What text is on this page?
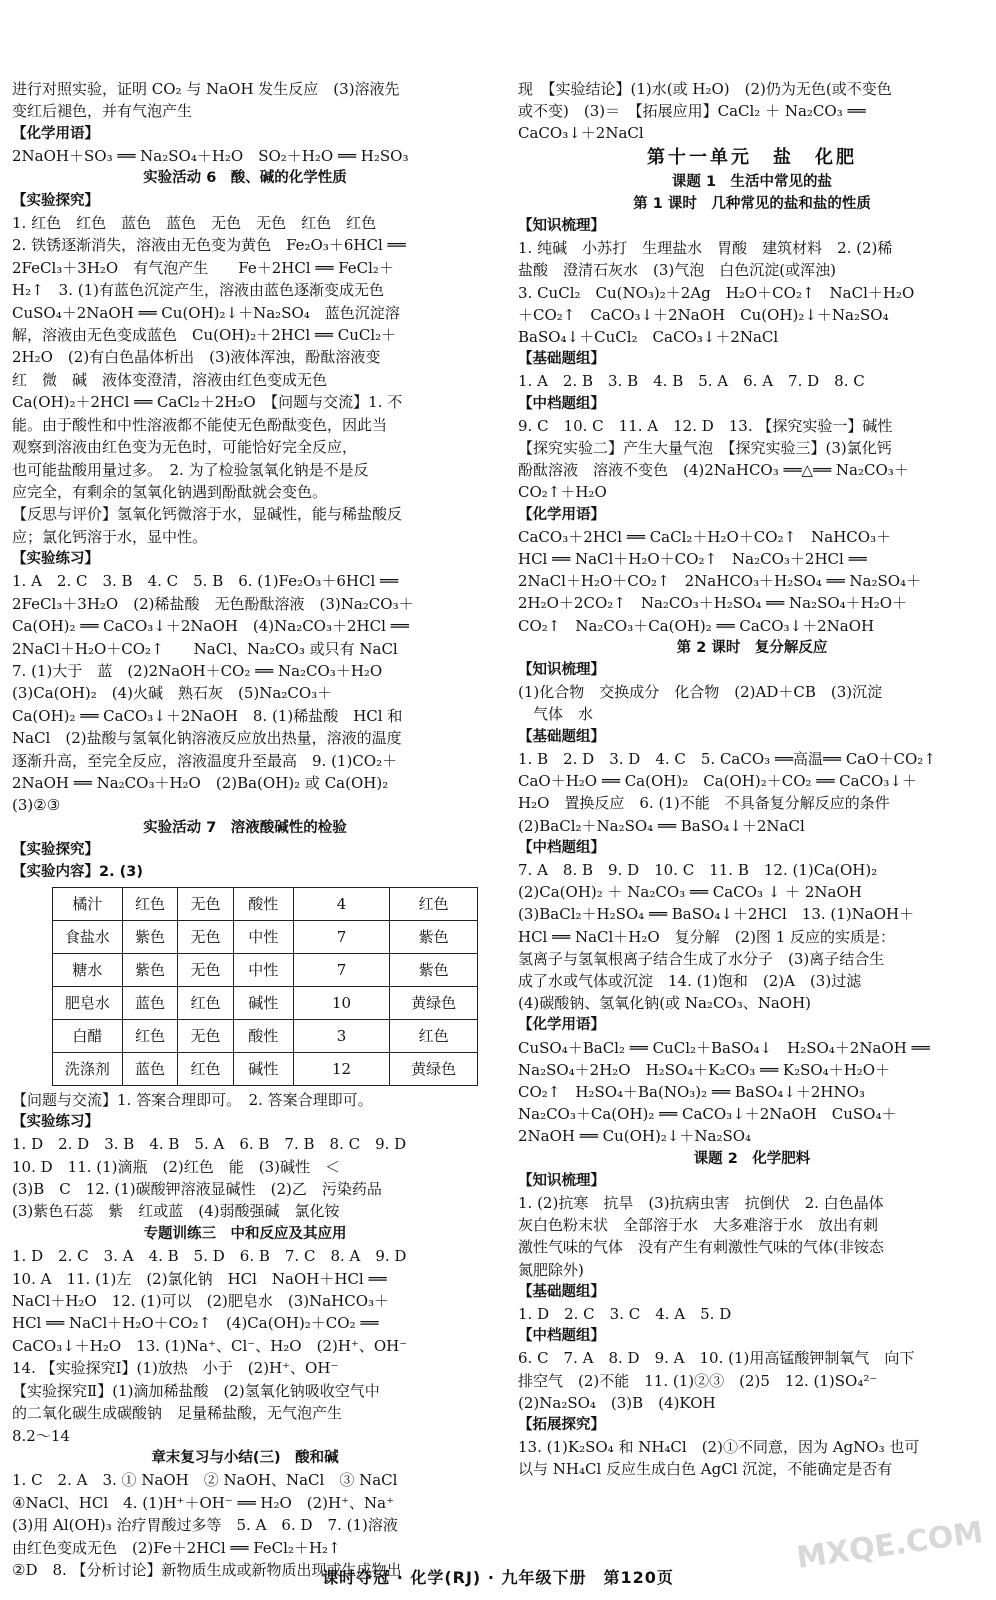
进行对照实验，证明 CO₂ 与 NaOH 发生反应　(3)溶液先
变红后褪色，并有气泡产生
【化学用语】
2NaOH＋SO₃ ══ Na₂SO₄＋H₂O　SO₂＋H₂O ══ H₂SO₃
实验活动 6　酸、碱的化学性质
【实验探究】
1. 红色　红色　蓝色　蓝色　无色　无色　红色　红色
2. 铁锈逐渐消失，溶液由无色变为黄色　Fe₂O₃＋6HCl ══
2FeCl₃＋3H₂O　有气泡产生　　Fe＋2HCl ══ FeCl₂＋
H₂↑　3. (1)有蓝色沉淀产生，溶液由蓝色逐渐变成无色
CuSO₄＋2NaOH ══ Cu(OH)₂↓＋Na₂SO₄　蓝色沉淀溶
解，溶液由无色变成蓝色　Cu(OH)₂＋2HCl ══ CuCl₂＋
2H₂O　(2)有白色晶体析出　(3)液体浑浊，酚酞溶液变
红　微　碱　液体变澄清，溶液由红色变成无色
Ca(OH)₂＋2HCl ══ CaCl₂＋2H₂O　【问题与交流】1. 不
能。由于酸性和中性溶液都不能使无色酚酞变色，因此当
观察到溶液由红色变为无色时，可能恰好完全反应，
也可能盐酸用量过多。　2. 为了检验氢氧化钠是不是反
应完全，有剩余的氢氧化钠遇到酚酞就会变色。
【反思与评价】氢氧化钙微溶于水，显碱性，能与稀盐酸反
应；氯化钙溶于水，显中性。
【实验练习】
1. A　2. C　3. B　4. C　5. B　6. (1)Fe₂O₃＋6HCl ══
2FeCl₃＋3H₂O　(2)稀盐酸　无色酚酞溶液　(3)Na₂CO₃＋
Ca(OH)₂ ══ CaCO₃↓＋2NaOH　(4)Na₂CO₃＋2HCl ══
2NaCl＋H₂O＋CO₂↑　　NaCl、Na₂CO₃ 或只有 NaCl
7. (1)大于　蓝　(2)2NaOH＋CO₂ ══ Na₂CO₃＋H₂O
(3)Ca(OH)₂　(4)火碱　熟石灰　(5)Na₂CO₃＋
Ca(OH)₂ ══ CaCO₃↓＋2NaOH　8. (1)稀盐酸　HCl 和
NaCl　(2)盐酸与氢氧化钠溶液反应放出热量，溶液的温度
逐渐升高，至完全反应，溶液温度升至最高　9. (1)CO₂＋
2NaOH ══ Na₂CO₃＋H₂O　(2)Ba(OH)₂ 或 Ca(OH)₂
(3)②③
实验活动 7　溶液酸碱性的检验
【实验探究】
【实验内容】2. (3)
橘汁	红色	无色	酸性	4	红色
食盐水	紫色	无色	中性	7	紫色
糖水	紫色	无色	中性	7	紫色
肥皂水	蓝色	红色	碱性	10	黄绿色
白醋	红色	无色	酸性	3	红色
洗涤剂	蓝色	红色	碱性	12	黄绿色
【问题与交流】1. 答案合理即可。　2. 答案合理即可。
【实验练习】
1. D　2. D　3. B　4. B　5. A　6. B　7. B　8. C　9. D
10. D　11. (1)滴瓶　(2)红色　能　(3)碱性　＜
(3)B　C　12. (1)碳酸钾溶液显碱性　(2)乙　污染药品
(3)紫色石蕊　紫　红或蓝　(4)弱酸强碱　氯化铵
专题训练三　中和反应及其应用
1. D　2. C　3. A　4. B　5. D　6. B　7. C　8. A　9. D
10. A　11. (1)左　(2)氯化钠　HCl　NaOH＋HCl ══
NaCl＋H₂O　12. (1)可以　(2)肥皂水　(3)NaHCO₃＋
HCl ══ NaCl＋H₂O＋CO₂↑　(4)Ca(OH)₂＋CO₂ ══
CaCO₃↓＋H₂O　13. (1)Na⁺、Cl⁻、H₂O　(2)H⁺、OH⁻
14. 【实验探究Ⅰ】(1)放热　小于　(2)H⁺、OH⁻
【实验探究Ⅱ】(1)滴加稀盐酸　(2)氢氧化钠吸收空气中
的二氧化碳生成碳酸钠　足量稀盐酸，无气泡产生
8.2～14
章末复习与小结(三)　酸和碱
1. C　2. A　3. ① NaOH　② NaOH、NaCl　③ NaCl
④NaCl、HCl　4. (1)H⁺＋OH⁻ ══ H₂O　(2)H⁺、Na⁺
(3)用 Al(OH)₃ 治疗胃酸过多等　5. A　6. D　7. (1)溶液
由红色变成无色　(2)Fe＋2HCl ══ FeCl₂＋H₂↑
②D　8. 【分析讨论】新物质生成或新物质出现或生成物出
现　【实验结论】(1)水(或 H₂O)　(2)仍为无色(或不变色
或不变)　(3)＝　【拓展应用】CaCl₂ ＋ Na₂CO₃ ══
CaCO₃↓＋2NaCl
第十一单元　盐　化肥
课题 1　生活中常见的盐
第 1 课时　几种常见的盐和盐的性质
【知识梳理】
1. 纯碱　小苏打　生理盐水　胃酸　建筑材料　2. (2)稀
盐酸　澄清石灰水　(3)气泡　白色沉淀(或浑浊)
3. CuCl₂　Cu(NO₃)₂＋2Ag　H₂O＋CO₂↑　NaCl＋H₂O
＋CO₂↑　CaCO₃↓＋2NaOH　Cu(OH)₂↓＋Na₂SO₄
BaSO₄↓＋CuCl₂　CaCO₃↓＋2NaCl
【基础题组】
1. A　2. B　3. B　4. B　5. A　6. A　7. D　8. C
【中档题组】
9. C　10. C　11. A　12. D　13. 【探究实验一】碱性
【探究实验二】产生大量气泡　【探究实验三】(3)氯化钙
酚酞溶液　溶液不变色　(4)2NaHCO₃ ══△══ Na₂CO₃＋
CO₂↑＋H₂O
【化学用语】
CaCO₃＋2HCl ══ CaCl₂＋H₂O＋CO₂↑　NaHCO₃＋
HCl ══ NaCl＋H₂O＋CO₂↑　Na₂CO₃＋2HCl ══
2NaCl＋H₂O＋CO₂↑　2NaHCO₃＋H₂SO₄ ══ Na₂SO₄＋
2H₂O＋2CO₂↑　Na₂CO₃＋H₂SO₄ ══ Na₂SO₄＋H₂O＋
CO₂↑　Na₂CO₃＋Ca(OH)₂ ══ CaCO₃↓＋2NaOH
第 2 课时　复分解反应
【知识梳理】
(1)化合物　交换成分　化合物　(2)AD＋CB　(3)沉淀
　气体　水
【基础题组】
1. B　2. D　3. D　4. C　5. CaCO₃ ══高温══ CaO＋CO₂↑
CaO＋H₂O ══ Ca(OH)₂　Ca(OH)₂＋CO₂ ══ CaCO₃↓＋
H₂O　置换反应　6. (1)不能　不具备复分解反应的条件
(2)BaCl₂＋Na₂SO₄ ══ BaSO₄↓＋2NaCl
【中档题组】
7. A　8. B　9. D　10. C　11. B　12. (1)Ca(OH)₂
(2)Ca(OH)₂ ＋ Na₂CO₃ ══ CaCO₃ ↓ ＋ 2NaOH
(3)BaCl₂＋H₂SO₄ ══ BaSO₄↓＋2HCl　13. (1)NaOH＋
HCl ══ NaCl＋H₂O　复分解　(2)图 1 反应的实质是：
氢离子与氢氧根离子结合生成了水分子　(3)离子结合生
成了水或气体或沉淀　14. (1)饱和　(2)A　(3)过滤
(4)碳酸钠、氢氧化钠(或 Na₂CO₃、NaOH)
【化学用语】
CuSO₄＋BaCl₂ ══ CuCl₂＋BaSO₄↓　H₂SO₄＋2NaOH ══
Na₂SO₄＋2H₂O　H₂SO₄＋K₂CO₃ ══ K₂SO₄＋H₂O＋
CO₂↑　H₂SO₄＋Ba(NO₃)₂ ══ BaSO₄↓＋2HNO₃
Na₂CO₃＋Ca(OH)₂ ══ CaCO₃↓＋2NaOH　CuSO₄＋
2NaOH ══ Cu(OH)₂↓＋Na₂SO₄
课题 2　化学肥料
【知识梳理】
1. (2)抗寒　抗旱　(3)抗病虫害　抗倒伏　2. 白色晶体
灰白色粉末状　全部溶于水　大多难溶于水　放出有刺
激性气味的气体　没有产生有刺激性气味的气体(非铵态
氮肥除外)
【基础题组】
1. D　2. C　3. C　4. A　5. D
【中档题组】
6. C　7. A　8. D　9. A　10. (1)用高锰酸钾制氧气　向下
排空气　(2)不能　11. (1)②③　(2)5　12. (1)SO₄²⁻
(2)Na₂SO₄　(3)B　(4)KOH
【拓展探究】
13. (1)K₂SO₄ 和 NH₄Cl　(2)①不同意，因为 AgNO₃ 也可
以与 NH₄Cl 反应生成白色 AgCl 沉淀，不能确定是否有
课时夺冠 · 化学(RJ) · 九年级下册　第120页
MXQE.COM
